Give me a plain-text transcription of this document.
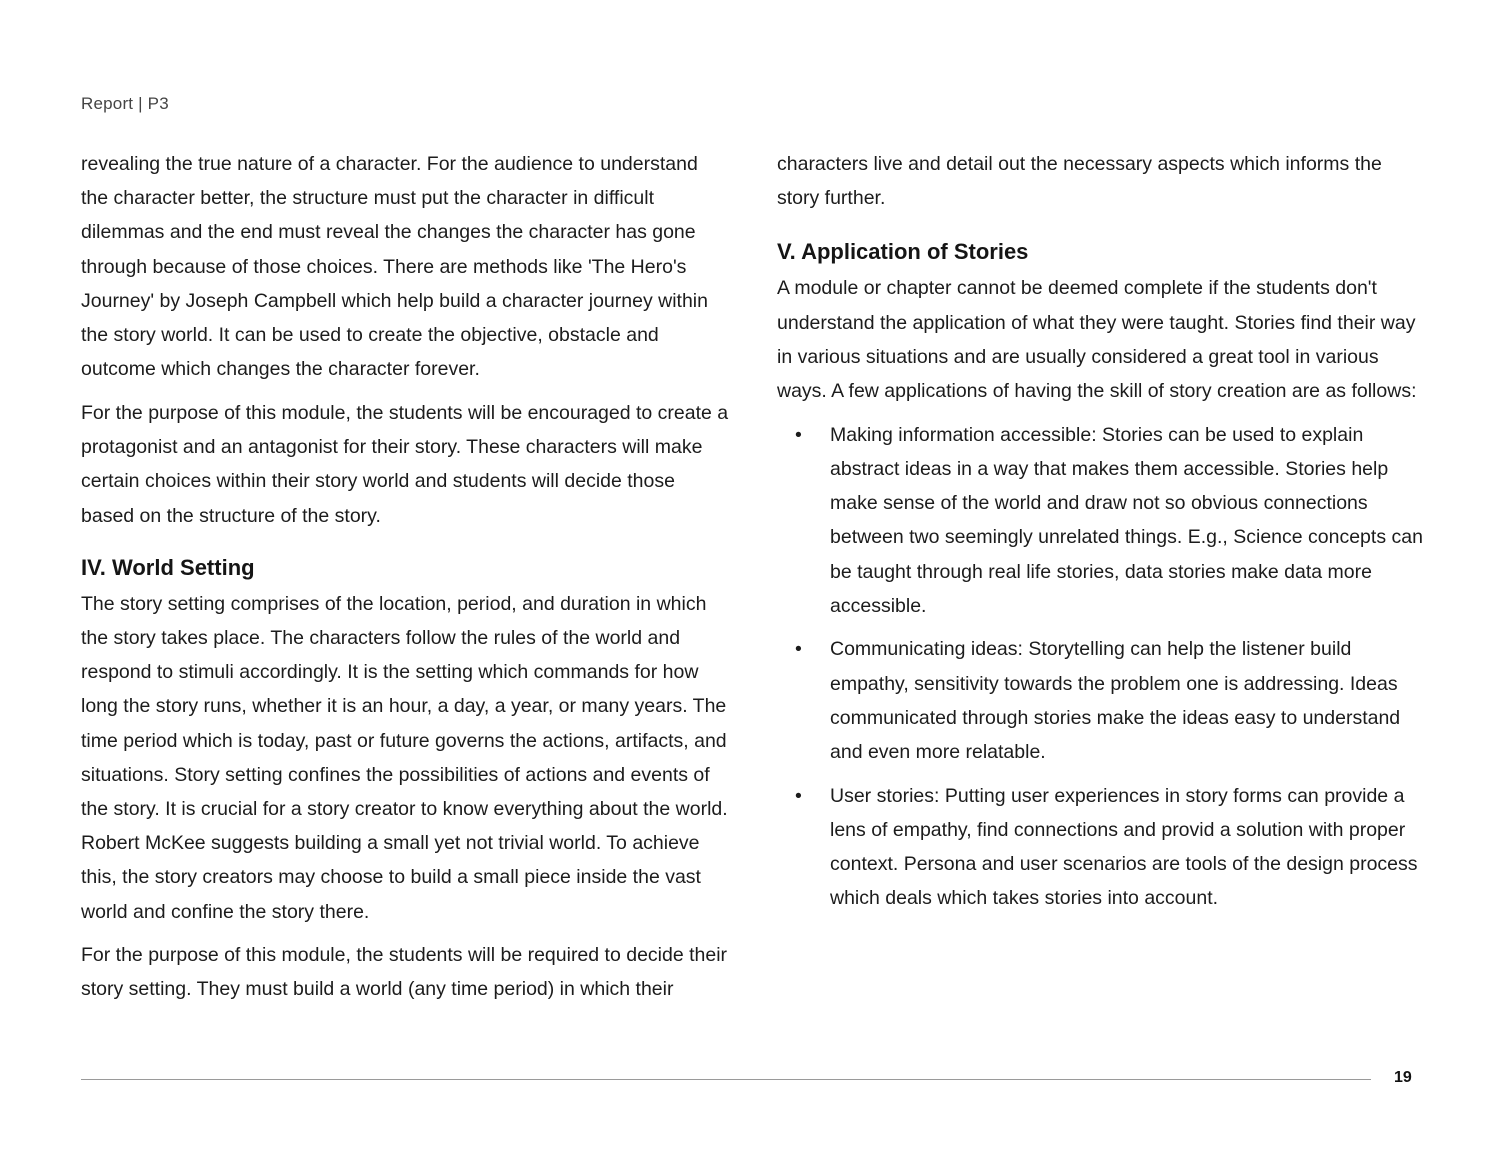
Report | P3

revealing the true nature of a character. For the audience to understand the character better, the structure must put the character in difficult dilemmas and the end must reveal the changes the character has gone through because of those choices. There are methods like 'The Hero's Journey' by Joseph Campbell which help build a character journey within the story world. It can be used to create the objective, obstacle and outcome which changes the character forever.

For the purpose of this module, the students will be encouraged to create a protagonist and an antagonist for their story. These characters will make certain choices within their story world and students will decide those based on the structure of the story.

IV. World Setting

The story setting comprises of the location, period, and duration in which the story takes place. The characters follow the rules of the world and respond to stimuli accordingly. It is the setting which commands for how long the story runs, whether it is an hour, a day, a year, or many years. The time period which is today, past or future governs the actions, artifacts, and situations. Story setting confines the possibilities of actions and events of the story. It is crucial for a story creator to know everything about the world. Robert McKee suggests building a small yet not trivial world. To achieve this, the story creators may choose to build a small piece inside the vast world and confine the story there.

For the purpose of this module, the students will be required to decide their story setting. They must build a world (any time period) in which their

characters live and detail out the necessary aspects which informs the story further.

V. Application of Stories

A module or chapter cannot be deemed complete if the students don't understand the application of what they were taught. Stories find their way in various situations and are usually considered a great tool in various ways. A few applications of having the skill of story creation are as follows:

• Making information accessible: Stories can be used to explain abstract ideas in a way that makes them accessible. Stories help make sense of the world and draw not so obvious connections between two seemingly unrelated things. E.g., Science concepts can be taught through real life stories, data stories make data more accessible.
• Communicating ideas: Storytelling can help the listener build empathy, sensitivity towards the problem one is addressing. Ideas communicated through stories make the ideas easy to understand and even more relatable.
• User stories: Putting user experiences in story forms can provide a lens of empathy, find connections and provid a solution with proper context. Persona and user scenarios are tools of the design process which deals which takes stories into account.
19
